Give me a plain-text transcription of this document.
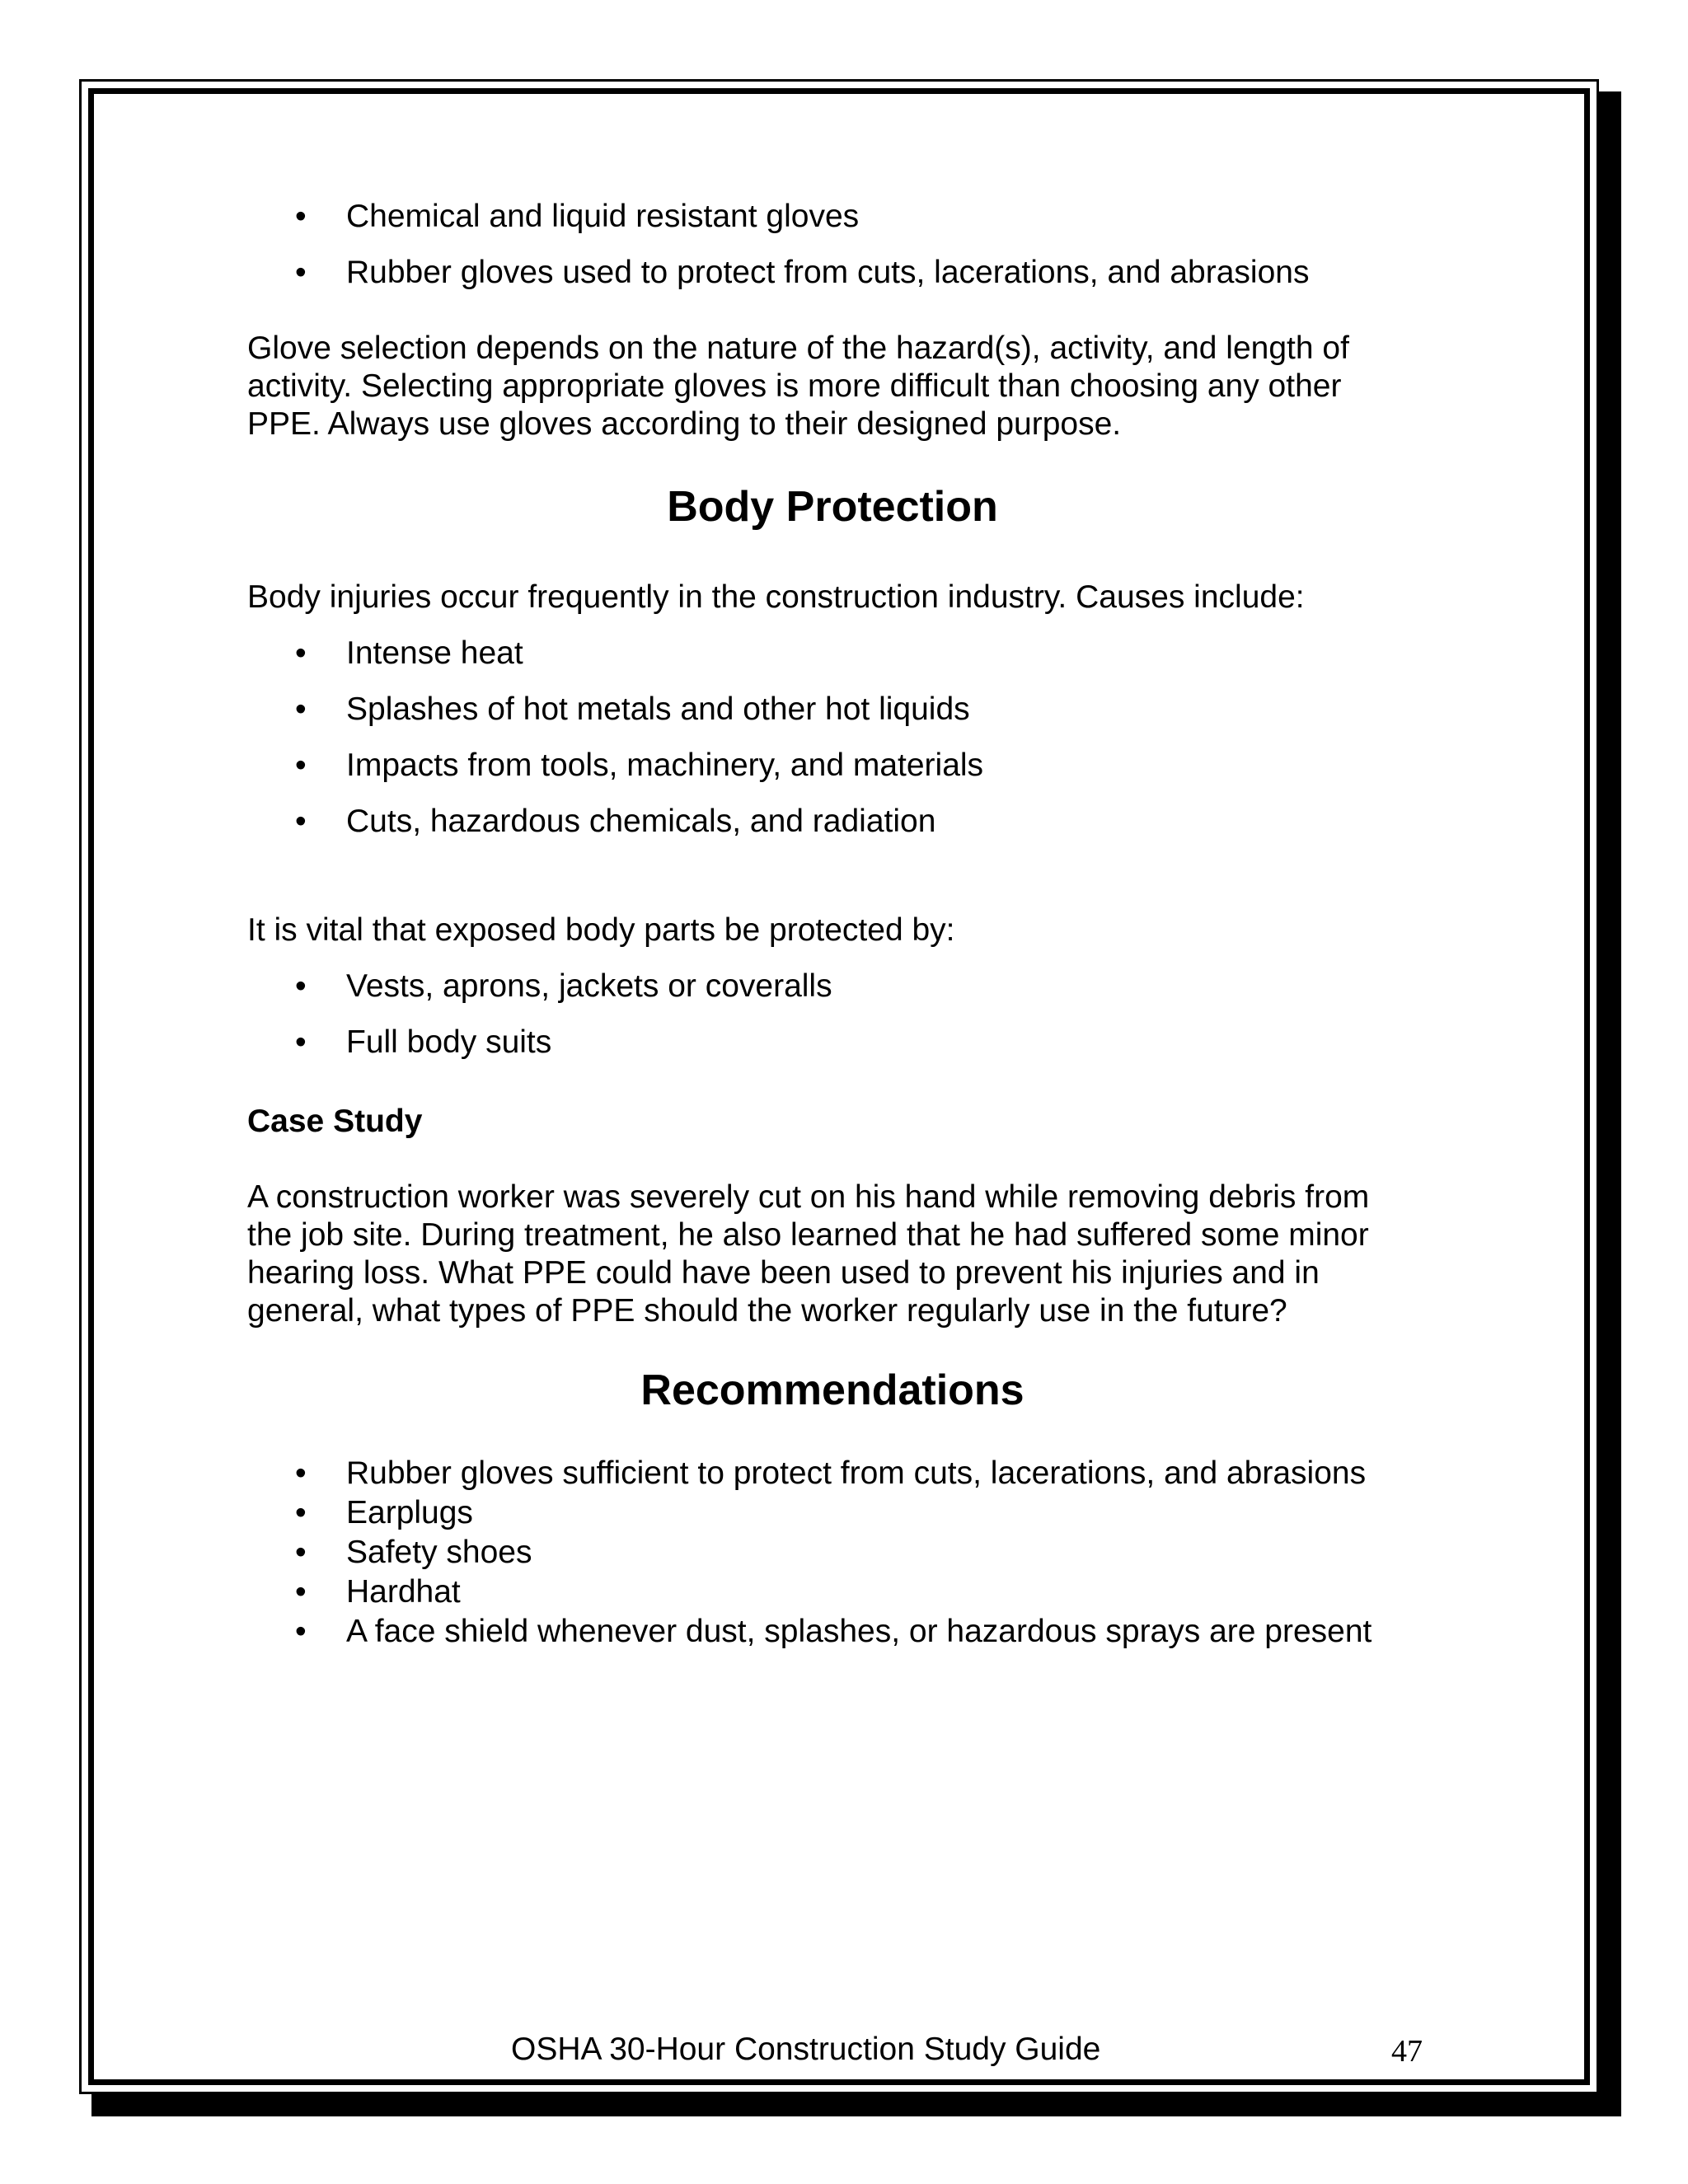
• Chemical and liquid resistant gloves
• Rubber gloves used to protect from cuts, lacerations, and abrasions

Glove selection depends on the nature of the hazard(s), activity, and length of

activity. Selecting appropriate gloves is more difficult than choosing any other

PPE. Always use gloves according to their designed purpose.

Body Protection

Body injuries occur frequently in the construction industry. Causes include:

• Intense heat
• Splashes of hot metals and other hot liquids
• Impacts from tools, machinery, and materials
• Cuts, hazardous chemicals, and radiation

It is vital that exposed body parts be protected by:

• Vests, aprons, jackets or coveralls
• Full body suits
Case Study

A construction worker was severely cut on his hand while removing debris from

the job site. During treatment, he also learned that he had suffered some minor

hearing loss. What PPE could have been used to prevent his injuries and in

general, what types of PPE should the worker regularly use in the future?

Recommendations
• Rubber gloves sufficient to protect from cuts, lacerations, and abrasions
• Earplugs
• Safety shoes
• Hardhat
• A face shield whenever dust, splashes, or hazardous sprays are present
OSHA 30-Hour Construction Study Guide	47
